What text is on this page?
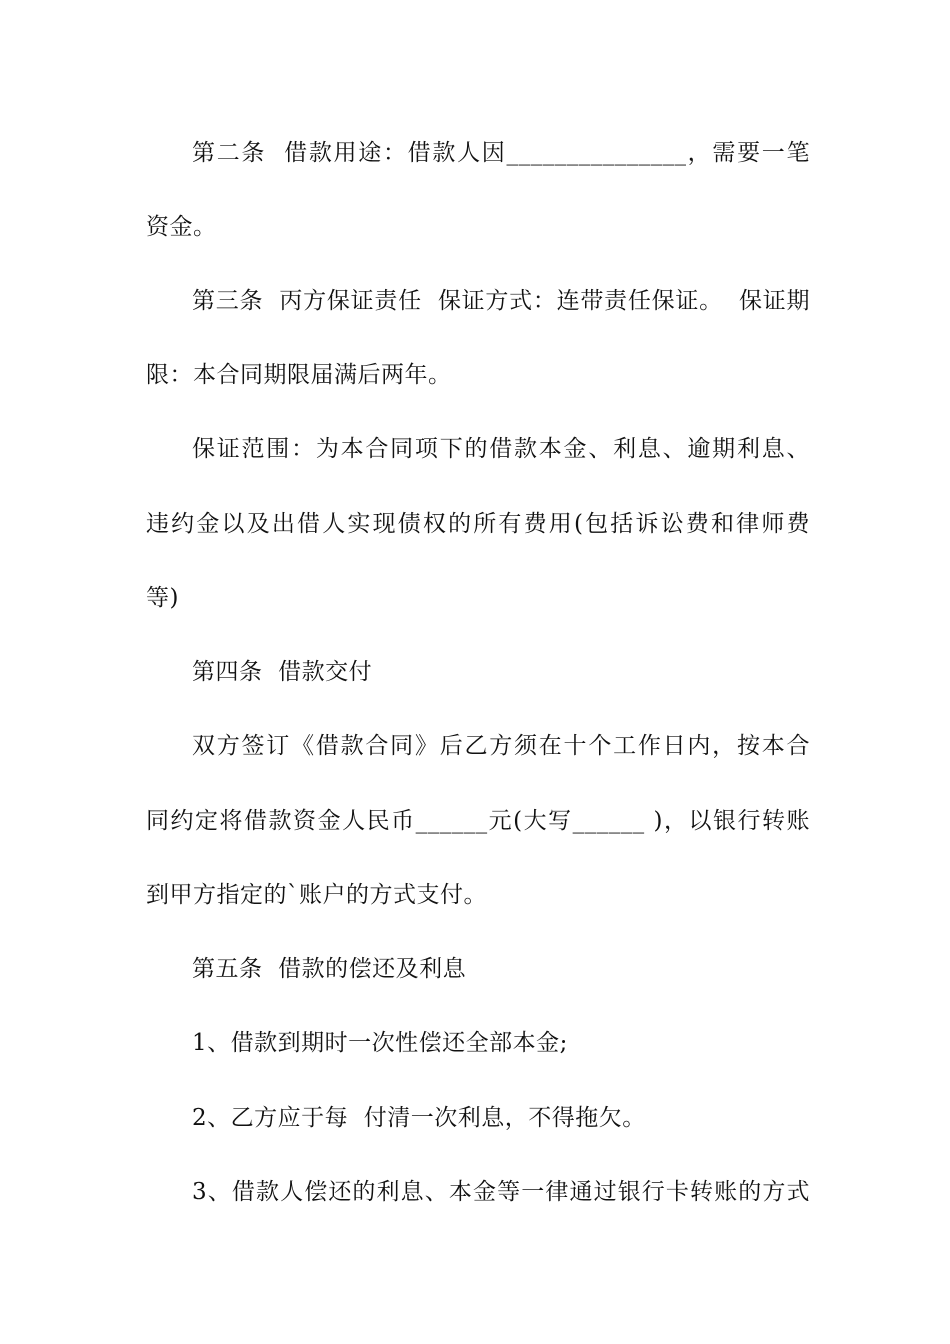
第二条  借款用途：借款人因_______________，需要一笔
资金。
第三条  丙方保证责任  保证方式：连带责任保证。  保证期
限：本合同期限届满后两年。
保证范围：为本合同项下的借款本金、利息、逾期利息、
违约金以及出借人实现债权的所有费用(包括诉讼费和律师费
等)
第四条  借款交付
双方签订《借款合同》后乙方须在十个工作日内，按本合
同约定将借款资金人民币______元(大写______ )，以银行转账
到甲方指定的`账户的方式支付。
第五条  借款的偿还及利息
1、借款到期时一次性偿还全部本金;
2、乙方应于每  付清一次利息，不得拖欠。
3、借款人偿还的利息、本金等一律通过银行卡转账的方式
